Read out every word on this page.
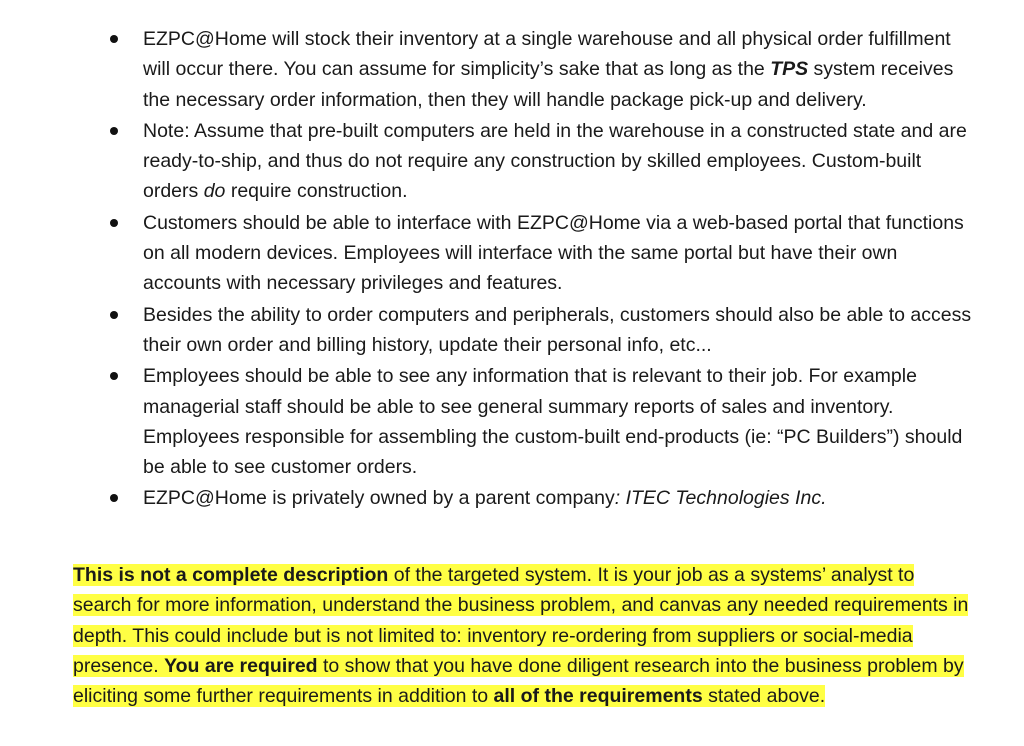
EZPC@Home will stock their inventory at a single warehouse and all physical order fulfillment will occur there. You can assume for simplicity’s sake that as long as the TPS system receives the necessary order information, then they will handle package pick-up and delivery.
Note: Assume that pre-built computers are held in the warehouse in a constructed state and are ready-to-ship, and thus do not require any construction by skilled employees. Custom-built orders do require construction.
Customers should be able to interface with EZPC@Home via a web-based portal that functions on all modern devices. Employees will interface with the same portal but have their own accounts with necessary privileges and features.
Besides the ability to order computers and peripherals, customers should also be able to access their own order and billing history, update their personal info, etc...
Employees should be able to see any information that is relevant to their job. For example managerial staff should be able to see general summary reports of sales and inventory. Employees responsible for assembling the custom-built end-products (ie: “PC Builders”) should be able to see customer orders.
EZPC@Home is privately owned by a parent company: ITEC Technologies Inc.

This is not a complete description of the targeted system. It is your job as a systems’ analyst to search for more information, understand the business problem, and canvas any needed requirements in depth. This could include but is not limited to: inventory re-ordering from suppliers or social-media presence. You are required to show that you have done diligent research into the business problem by eliciting some further requirements in addition to all of the requirements stated above.
